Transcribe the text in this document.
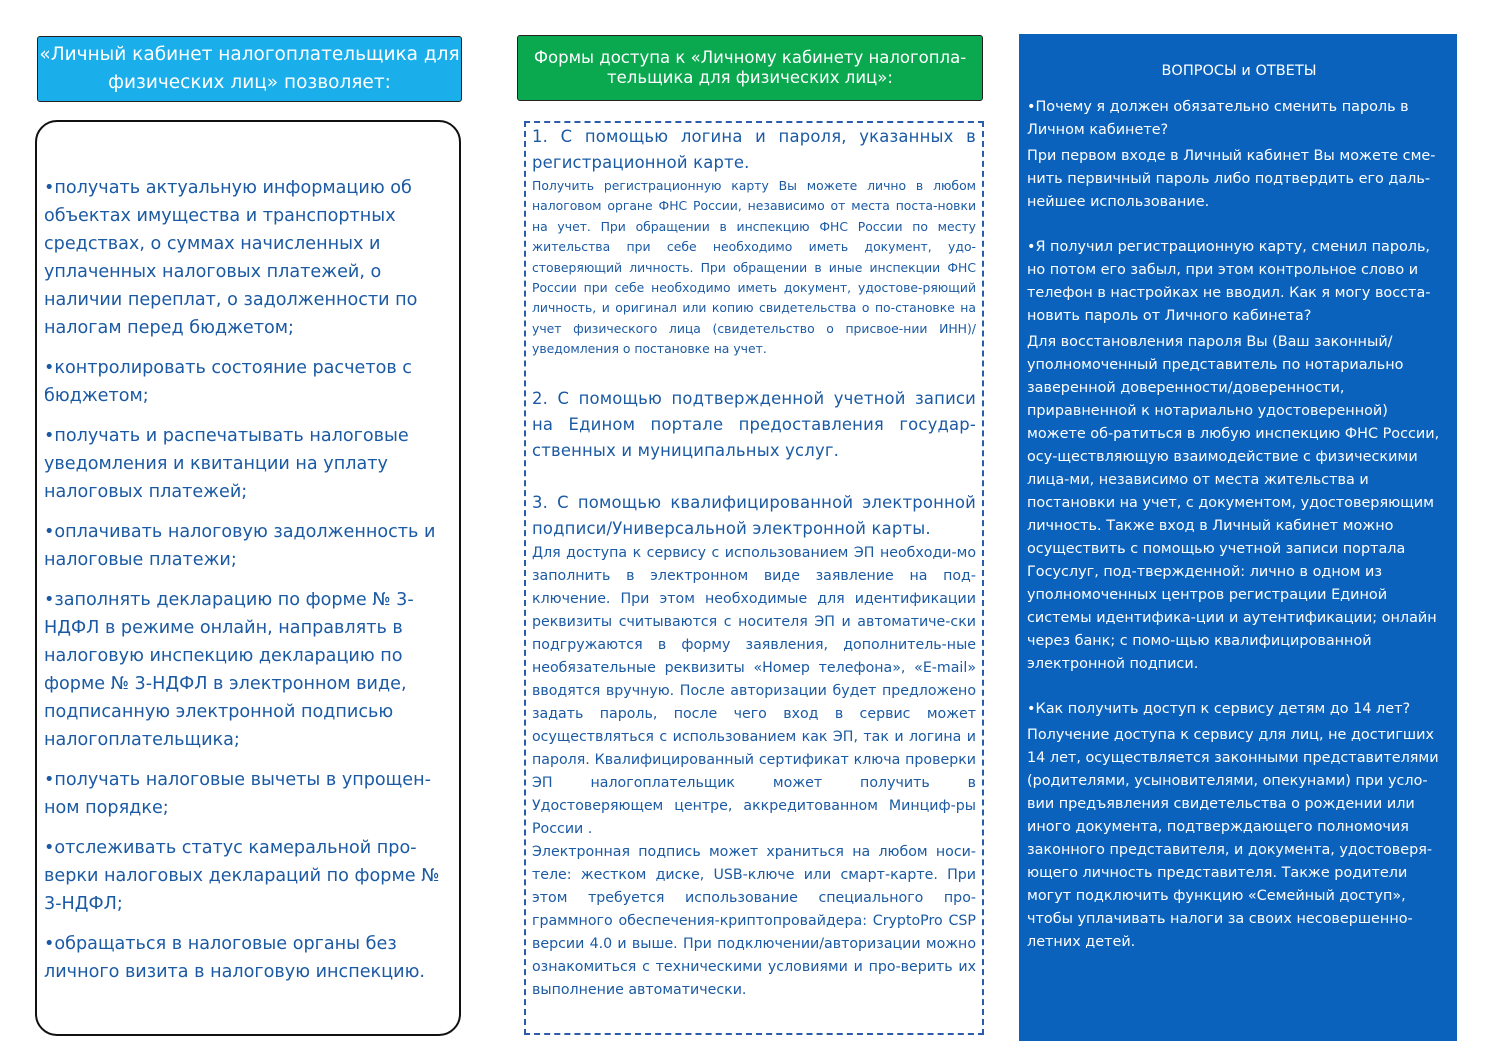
«Личный кабинет налогоплательщика для физических лиц» позволяет:
•получать актуальную информацию об объектах имущества и транспортных средствах, о суммах начисленных и уплаченных налоговых платежей, о наличии переплат, о задолженности по налогам перед бюджетом;
•контролировать состояние расчетов с бюджетом;
•получать и распечатывать налоговые уведомления и квитанции на уплату налоговых платежей;
•оплачивать налоговую задолженность и налоговые платежи;
•заполнять декларацию по форме № 3-НДФЛ в режиме онлайн, направлять в налоговую инспекцию декларацию по форме № 3-НДФЛ в электронном виде, подписанную электронной подписью налогоплательщика;
•получать налоговые вычеты в упрощен-ном порядке;
•отслеживать статус камеральной про-верки налоговых деклараций по форме № 3-НДФЛ;
•обращаться в налоговые органы без личного визита в налоговую инспекцию.
Формы доступа к «Личному кабинету налогопла-тельщика для физических лиц»:

1. С помощью логина и пароля, указанных в регистрационной карте.

Получить регистрационную карту Вы можете лично в любом налоговом органе ФНС России, независимо от места поста-новки на учет. При обращении в инспекцию ФНС России по месту жительства при себе необходимо иметь документ, удо-стоверяющий личность. При обращении в иные инспекции ФНС России при себе необходимо иметь документ, удостове-ряющий личность, и оригинал или копию свидетельства о по-становке на учет физического лица (свидетельство о присвое-нии ИНН)/уведомления о постановке на учет.

2. С помощью подтвержденной учетной записи на Едином портале предоставления государ-ственных и муниципальных услуг.

3. С помощью квалифицированной электронной подписи/Универсальной электронной карты.

Для доступа к сервису с использованием ЭП необходи-мо заполнить в электронном виде заявление на под-ключение. При этом необходимые для идентификации реквизиты считываются с носителя ЭП и автоматиче-ски подгружаются в форму заявления, дополнитель-ные необязательные реквизиты «Номер телефона», «E-mail» вводятся вручную. После авторизации будет предложено задать пароль, после чего вход в сервис может осуществляться с использованием как ЭП, так и логина и пароля. Квалифицированный сертификат ключа проверки ЭП налогоплательщик может получить в Удостоверяющем центре, аккредитованном Минциф-ры России .

Электронная подпись может храниться на любом носи-теле: жестком диске, USB-ключе или смарт-карте. При этом требуется использование специального про-граммного обеспечения-криптопровайдера: CryptoPro CSP версии 4.0 и выше. При подключении/авторизации можно ознакомиться с техническими условиями и про-верить их выполнение автоматически.

ВОПРОСЫ и ОТВЕТЫ

•Почему я должен обязательно сменить пароль в Личном кабинете?

При первом входе в Личный кабинет Вы можете сме-нить первичный пароль либо подтвердить его даль-нейшее использование.

•Я получил регистрационную карту, сменил пароль, но потом его забыл, при этом контрольное слово и телефон в настройках не вводил. Как я могу восста-новить пароль от Личного кабинета?

Для восстановления пароля Вы (Ваш законный/ уполномоченный представитель по нотариально заверенной доверенности/доверенности, приравненной к нотариально удостоверенной) можете об-ратиться в любую инспекцию ФНС России, осу-ществляющую взаимодействие с физическими лица-ми, независимо от места жительства и постановки на учет, с документом, удостоверяющим личность. Также вход в Личный кабинет можно осуществить с помощью учетной записи портала Госуслуг, под-твержденной: лично в одном из уполномоченных центров регистрации Единой системы идентифика-ции и аутентификации; онлайн через банк; с помо-щью квалифицированной электронной подписи.

•Как получить доступ к сервису детям до 14 лет?

Получение доступа к сервису для лиц, не достигших 14 лет, осуществляется законными представителями (родителями, усыновителями, опекунами) при усло-вии предъявления свидетельства о рождении или иного документа, подтверждающего полномочия законного представителя, и документа, удостоверя-ющего личность представителя. Также родители могут подключить функцию «Семейный доступ», чтобы уплачивать налоги за своих несовершенно-летних детей.
